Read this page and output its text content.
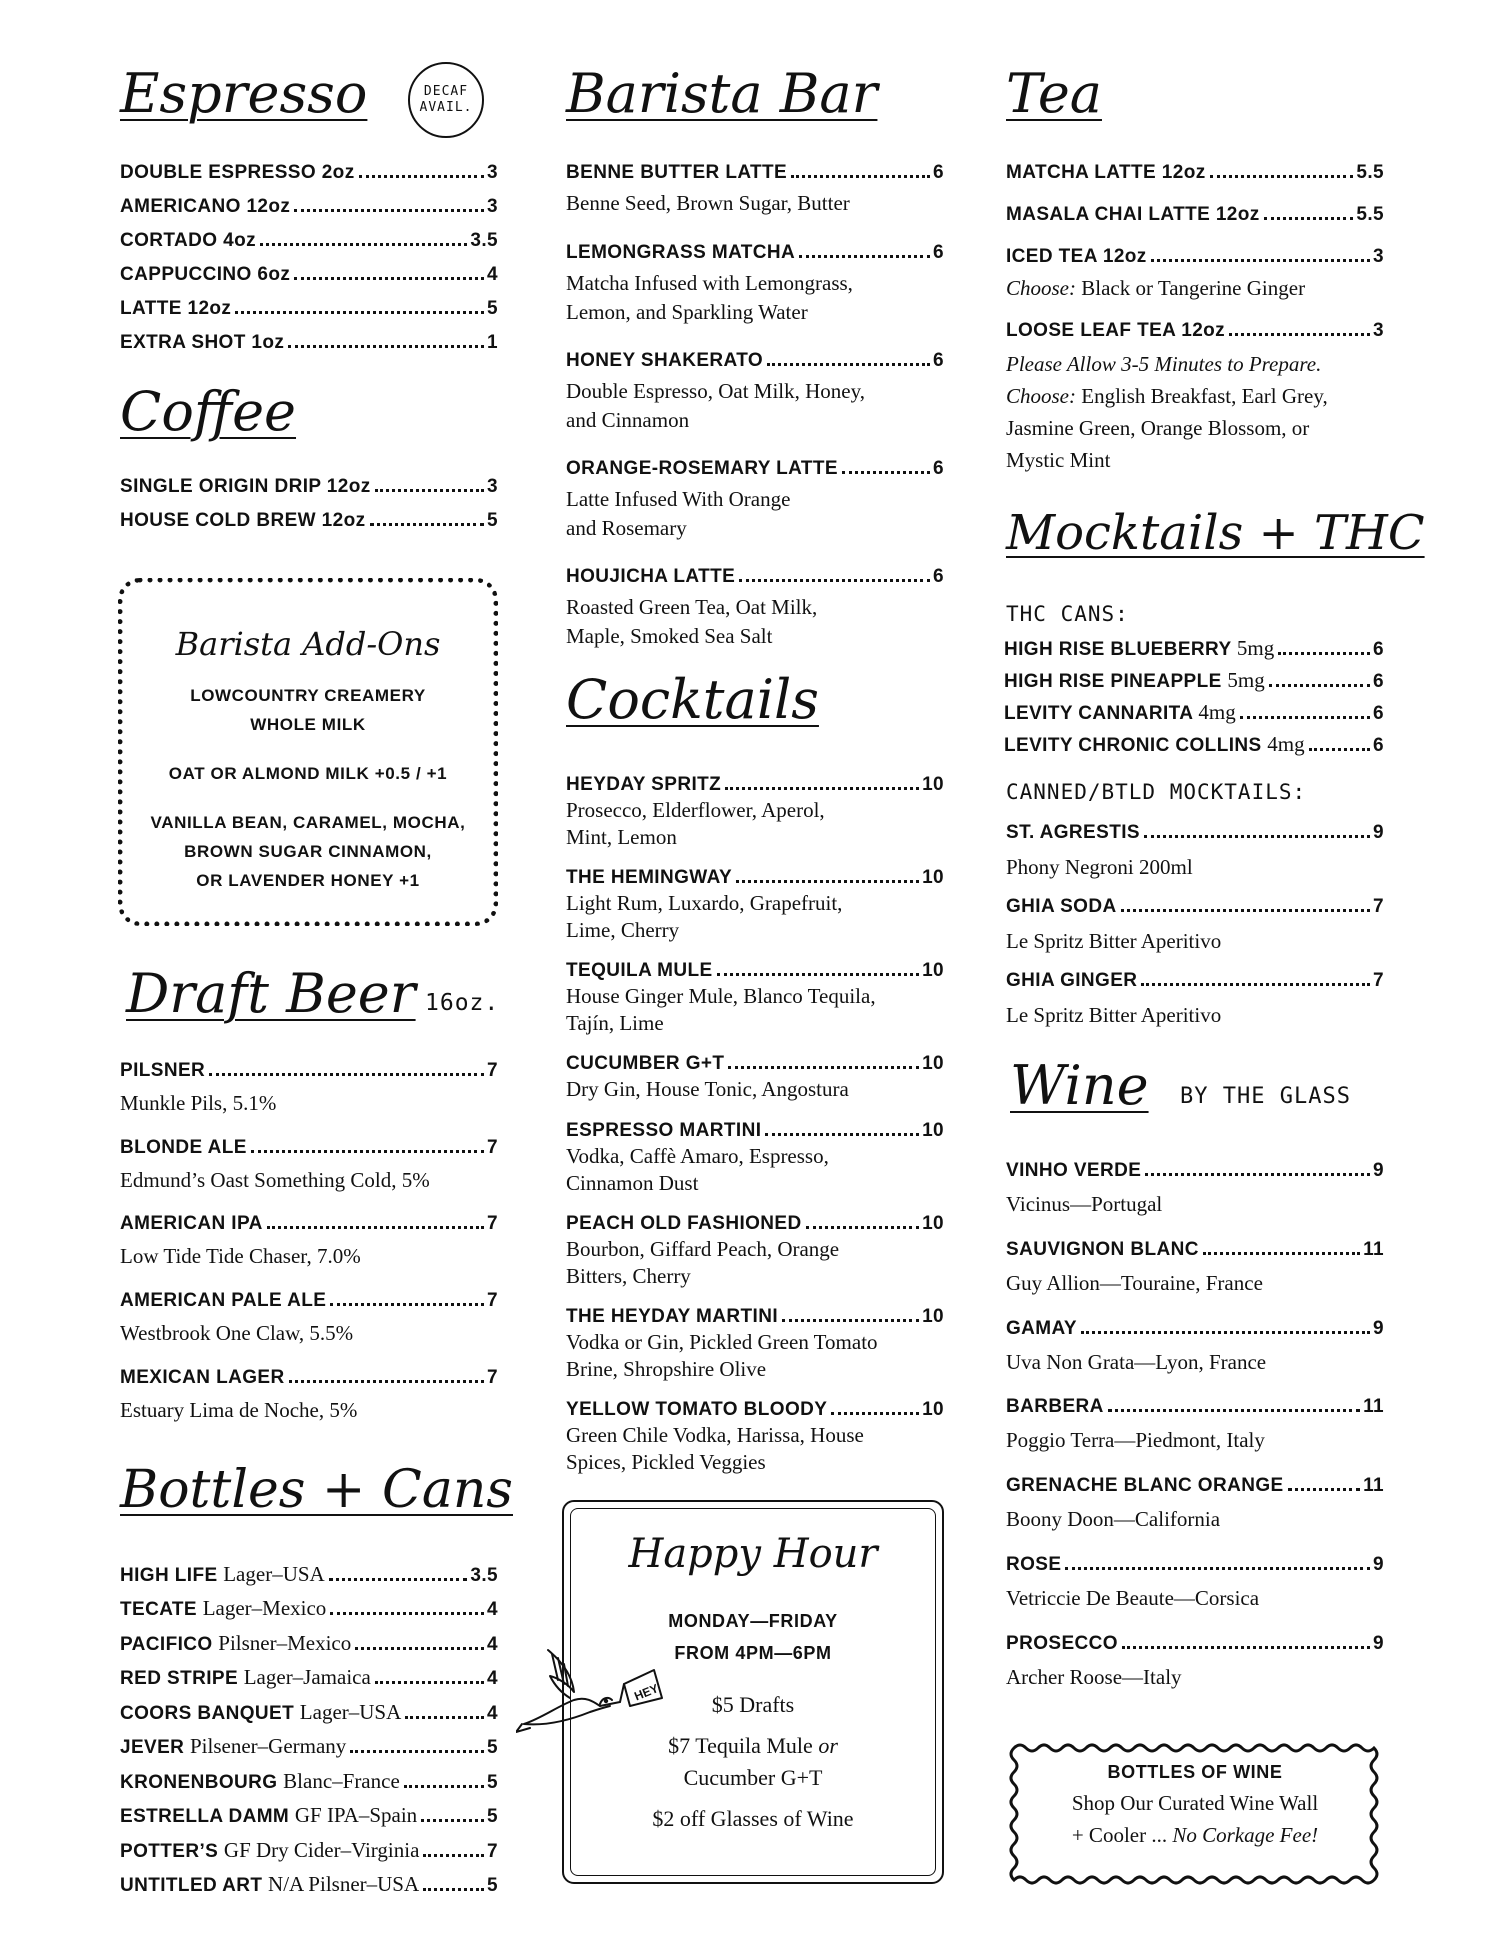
Espresso	DECAF
AVAIL.
DOUBLE ESPRESSO 2oz	3
AMERICANO 12oz	3
CORTADO 4oz	3.5
CAPPUCCINO 6oz	4
LATTE 12oz	5
EXTRA SHOT 1oz	1
Coffee
SINGLE ORIGIN DRIP 12oz	3
HOUSE COLD BREW 12oz	5
Barista Add-Ons
LOWCOUNTRY CREAMERY
WHOLE MILK
OAT OR ALMOND MILK +0.5 / +1
VANILLA BEAN, CARAMEL, MOCHA,
BROWN SUGAR CINNAMON,
OR LAVENDER HONEY +1
Draft Beer 16oz.
PILSNER	7
Munkle Pils, 5.1%
BLONDE ALE	7
Edmund’s Oast Something Cold, 5%
AMERICAN IPA	7
Low Tide Tide Chaser, 7.0%
AMERICAN PALE ALE	7
Westbrook One Claw, 5.5%
MEXICAN LAGER	7
Estuary Lima de Noche, 5%
Bottles + Cans
HIGH LIFE Lager–USA	3.5
TECATE Lager–Mexico	4
PACIFICO Pilsner–Mexico	4
RED STRIPE Lager–Jamaica	4
COORS BANQUET Lager–USA	4
JEVER Pilsener–Germany	5
KRONENBOURG Blanc–France	5
ESTRELLA DAMM GF IPA–Spain	5
POTTER’S GF Dry Cider–Virginia	7
UNTITLED ART N/A Pilsner–USA	5
Barista Bar
BENNE BUTTER LATTE	6
Benne Seed, Brown Sugar, Butter
LEMONGRASS MATCHA	6
Matcha Infused with Lemongrass,
Lemon, and Sparkling Water
HONEY SHAKERATO	6
Double Espresso, Oat Milk, Honey,
and Cinnamon
ORANGE-ROSEMARY LATTE	6
Latte Infused With Orange
and Rosemary
HOUJICHA LATTE	6
Roasted Green Tea, Oat Milk,
Maple, Smoked Sea Salt
Cocktails
HEYDAY SPRITZ	10
Prosecco, Elderflower, Aperol,
Mint, Lemon
THE HEMINGWAY	10
Light Rum, Luxardo, Grapefruit,
Lime, Cherry
TEQUILA MULE	10
House Ginger Mule, Blanco Tequila,
Tajín, Lime
CUCUMBER G+T	10
Dry Gin, House Tonic, Angostura
ESPRESSO MARTINI	10
Vodka, Caffè Amaro, Espresso,
Cinnamon Dust
PEACH OLD FASHIONED	10
Bourbon, Giffard Peach, Orange
Bitters, Cherry
THE HEYDAY MARTINI	10
Vodka or Gin, Pickled Green Tomato
Brine, Shropshire Olive
YELLOW TOMATO BLOODY	10
Green Chile Vodka, Harissa, House
Spices, Pickled Veggies
Happy Hour
MONDAY—FRIDAY
FROM 4PM—6PM
$5 Drafts
$7 Tequila Mule or
Cucumber G+T
$2 off Glasses of Wine
HEY
Tea
MATCHA LATTE 12oz	5.5
MASALA CHAI LATTE 12oz	5.5
ICED TEA 12oz	3
Choose: Black or Tangerine Ginger
LOOSE LEAF TEA 12oz	3
Please Allow 3-5 Minutes to Prepare.
Choose: English Breakfast, Earl Grey,
Jasmine Green, Orange Blossom, or
Mystic Mint
Mocktails + THC
THC CANS:
HIGH RISE BLUEBERRY 5mg	6
HIGH RISE PINEAPPLE 5mg	6
LEVITY CANNARITA 4mg	6
LEVITY CHRONIC COLLINS 4mg	6
CANNED/BTLD MOCKTAILS:
ST. AGRESTIS	9
Phony Negroni 200ml
GHIA SODA	7
Le Spritz Bitter Aperitivo
GHIA GINGER	7
Le Spritz Bitter Aperitivo
Wine BY THE GLASS
VINHO VERDE	9
Vicinus—Portugal
SAUVIGNON BLANC	11
Guy Allion—Touraine, France
GAMAY	9
Uva Non Grata—Lyon, France
BARBERA	11
Poggio Terra—Piedmont, Italy
GRENACHE BLANC ORANGE	11
Boony Doon—California
ROSE	9
Vetriccie De Beaute—Corsica
PROSECCO	9
Archer Roose—Italy
BOTTLES OF WINE
Shop Our Curated Wine Wall
+ Cooler ... No Corkage Fee!
